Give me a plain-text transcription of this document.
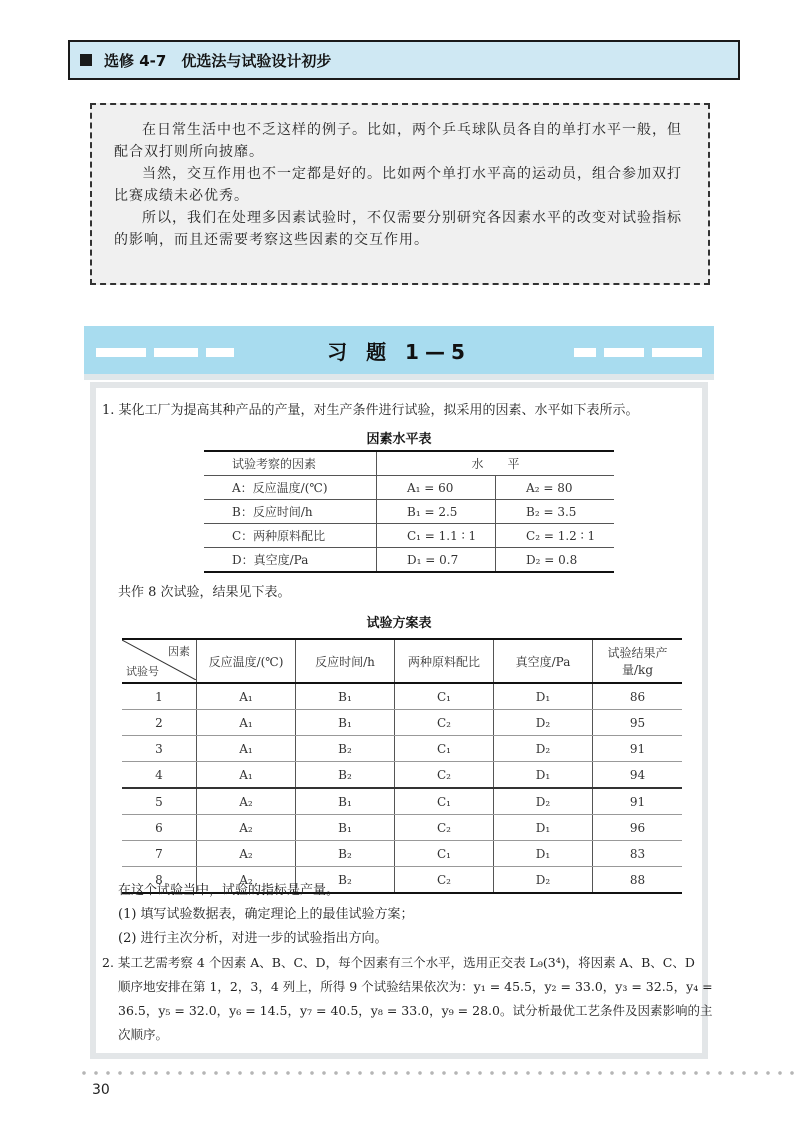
选修 4-7　优选法与试验设计初步

在日常生活中也不乏这样的例子。比如，两个乒乓球队员各自的单打水平一般，但配合双打则所向披靡。

当然，交互作用也不一定都是好的。比如两个单打水平高的运动员，组合参加双打比赛成绩未必优秀。

所以，我们在处理多因素试验时，不仅需要分别研究各因素水平的改变对试验指标的影响，而且还需要考察这些因素的交互作用。

习 题 1—5
1. 某化工厂为提高其种产品的产量，对生产条件进行试验，拟采用的因素、水平如下表所示。
因素水平表
试验考察的因素	水　　平	
A：反应温度/(℃)	A₁ = 60	A₂ = 80
B：反应时间/h	B₁ = 2.5	B₂ = 3.5
C：两种原料配比	C₁ = 1.1 ∶ 1	C₂ = 1.2 ∶ 1
D：真空度/Pa	D₁ = 0.7	D₂ = 0.8
共作 8 次试验，结果见下表。
试验方案表
因素
试验号	反应温度/(℃)	反应时间/h	两种原料配比	真空度/Pa	试验结果产量/kg
1	A₁	B₁	C₁	D₁	86
2	A₁	B₁	C₂	D₂	95
3	A₁	B₂	C₁	D₂	91
4	A₁	B₂	C₂	D₁	94
5	A₂	B₁	C₁	D₂	91
6	A₂	B₁	C₂	D₁	96
7	A₂	B₂	C₁	D₁	83
8	A₂	B₂	C₂	D₂	88
在这个试验当中，试验的指标是产量。
(1) 填写试验数据表，确定理论上的最佳试验方案；
(2) 进行主次分析，对进一步的试验指出方向。
2. 某工艺需考察 4 个因素 A、B、C、D，每个因素有三个水平，选用正交表 L₉(3⁴)，将因素 A、B、C、D
顺序地安排在第 1，2，3，4 列上，所得 9 个试验结果依次为：y₁ = 45.5，y₂ = 33.0，y₃ = 32.5，y₄ =
36.5，y₅ = 32.0，y₆ = 14.5，y₇ = 40.5，y₈ = 33.0，y₉ = 28.0。试分析最优工艺条件及因素影响的主
次顺序。
30
